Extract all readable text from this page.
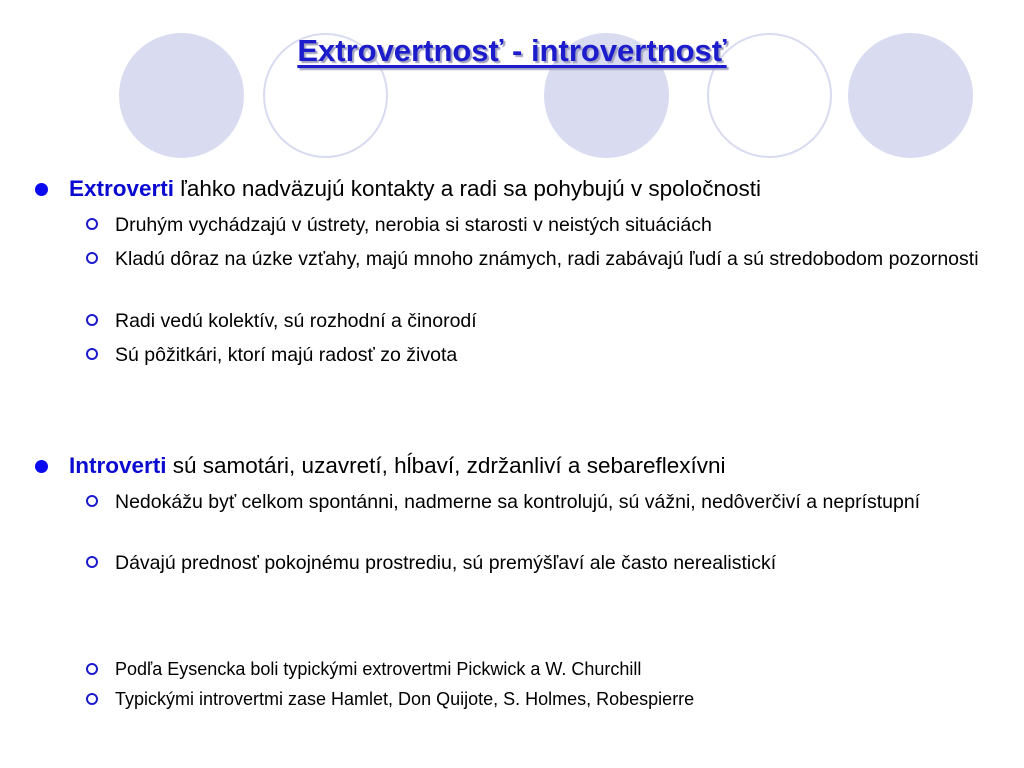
Extrovertnosť - introvertnosť
Extroverti ľahko nadväzujú kontakty a radi sa pohybujú v spoločnosti
Druhým vychádzajú v ústrety, nerobia si starosti v neistých situáciách
Kladú dôraz na úzke vzťahy, majú mnoho známych, radi zabávajú ľudí a sú stredobodom pozornosti
Radi vedú kolektív, sú rozhodní a činorodí
Sú pôžitkári, ktorí majú radosť zo života
Introverti sú samotári, uzavretí, hĺbaví, zdržanliví a sebareflexívni
Nedokážu byť celkom spontánni, nadmerne sa kontrolujú, sú vážni, nedôverčiví a neprístupní
Dávajú prednosť pokojnému prostrediu, sú premýšľaví ale často nerealistickí
Podľa Eysencka boli typickými extrovertmi Pickwick a W. Churchill
Typickými introvertmi zase Hamlet, Don Quijote, S. Holmes, Robespierre
